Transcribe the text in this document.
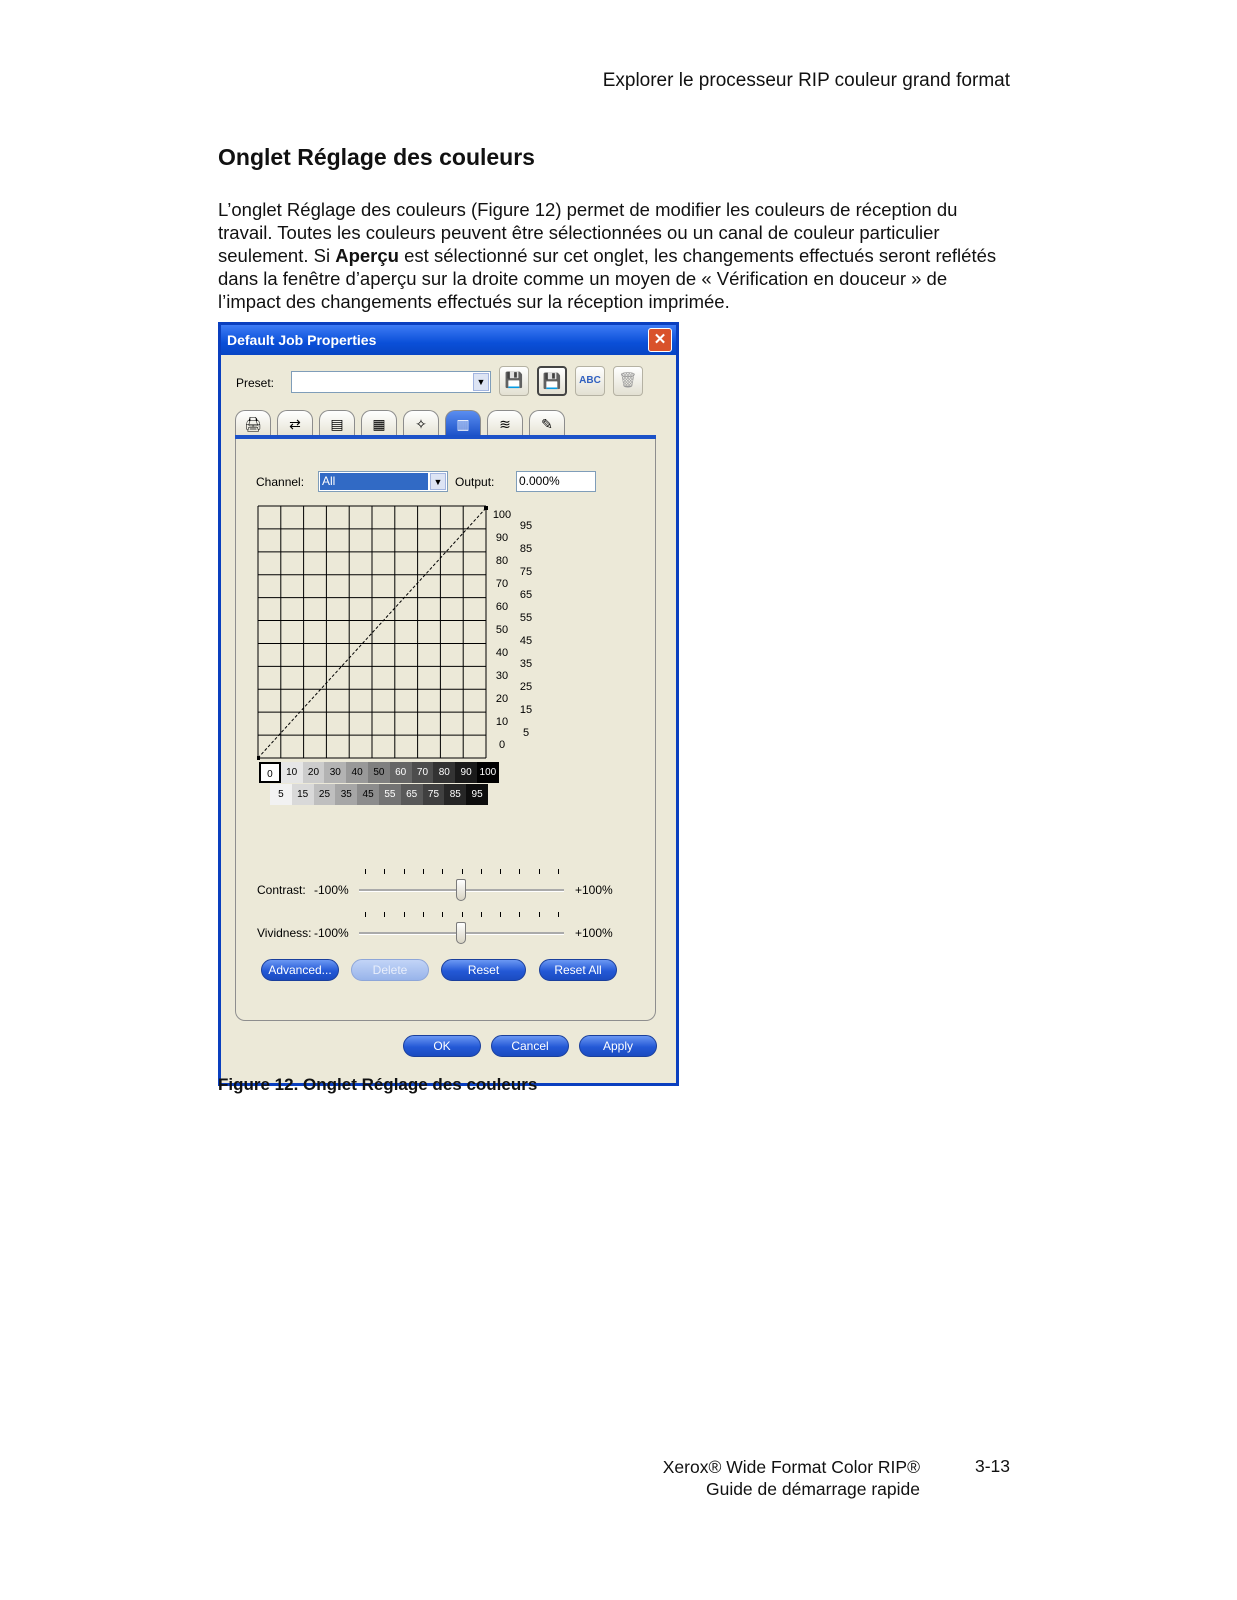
Explorer le processeur RIP couleur grand format
Onglet Réglage des couleurs

L’onglet Réglage des couleurs (Figure 12) permet de modifier les couleurs de réception du travail. Toutes les couleurs peuvent être sélectionnées ou un canal de couleur particulier seulement. Si Aperçu est sélectionné sur cet onglet, les changements effectués seront reflétés dans la fenêtre d’aperçu sur la droite comme un moyen de « Vérification en douceur » de l’impact des changements effectués sur la réception imprimée.

Default Job Properties	✕
Preset:	▼	💾	💾	ABC	🗑
🖨	⇄	▤	▦	✧	▥	≋	✎
Channel: All	▼ Output: 0.000%
100
90
80
70
60
50
40
30
20
10
0
95
85
75
65
55
45
35
25
15
5
0	10	20	30	40	50	60	70	80	90 100
5	15	25	35	45	55	65	75	85	95
Contrast: -100%	+100%
Vividness: -100%	+100%
Advanced...	Delete	Reset	Reset All
OK	Cancel	Apply

Figure 12. Onglet Réglage des couleurs

Xerox® Wide Format Color RIP®
Guide de démarrage rapide
3-13
